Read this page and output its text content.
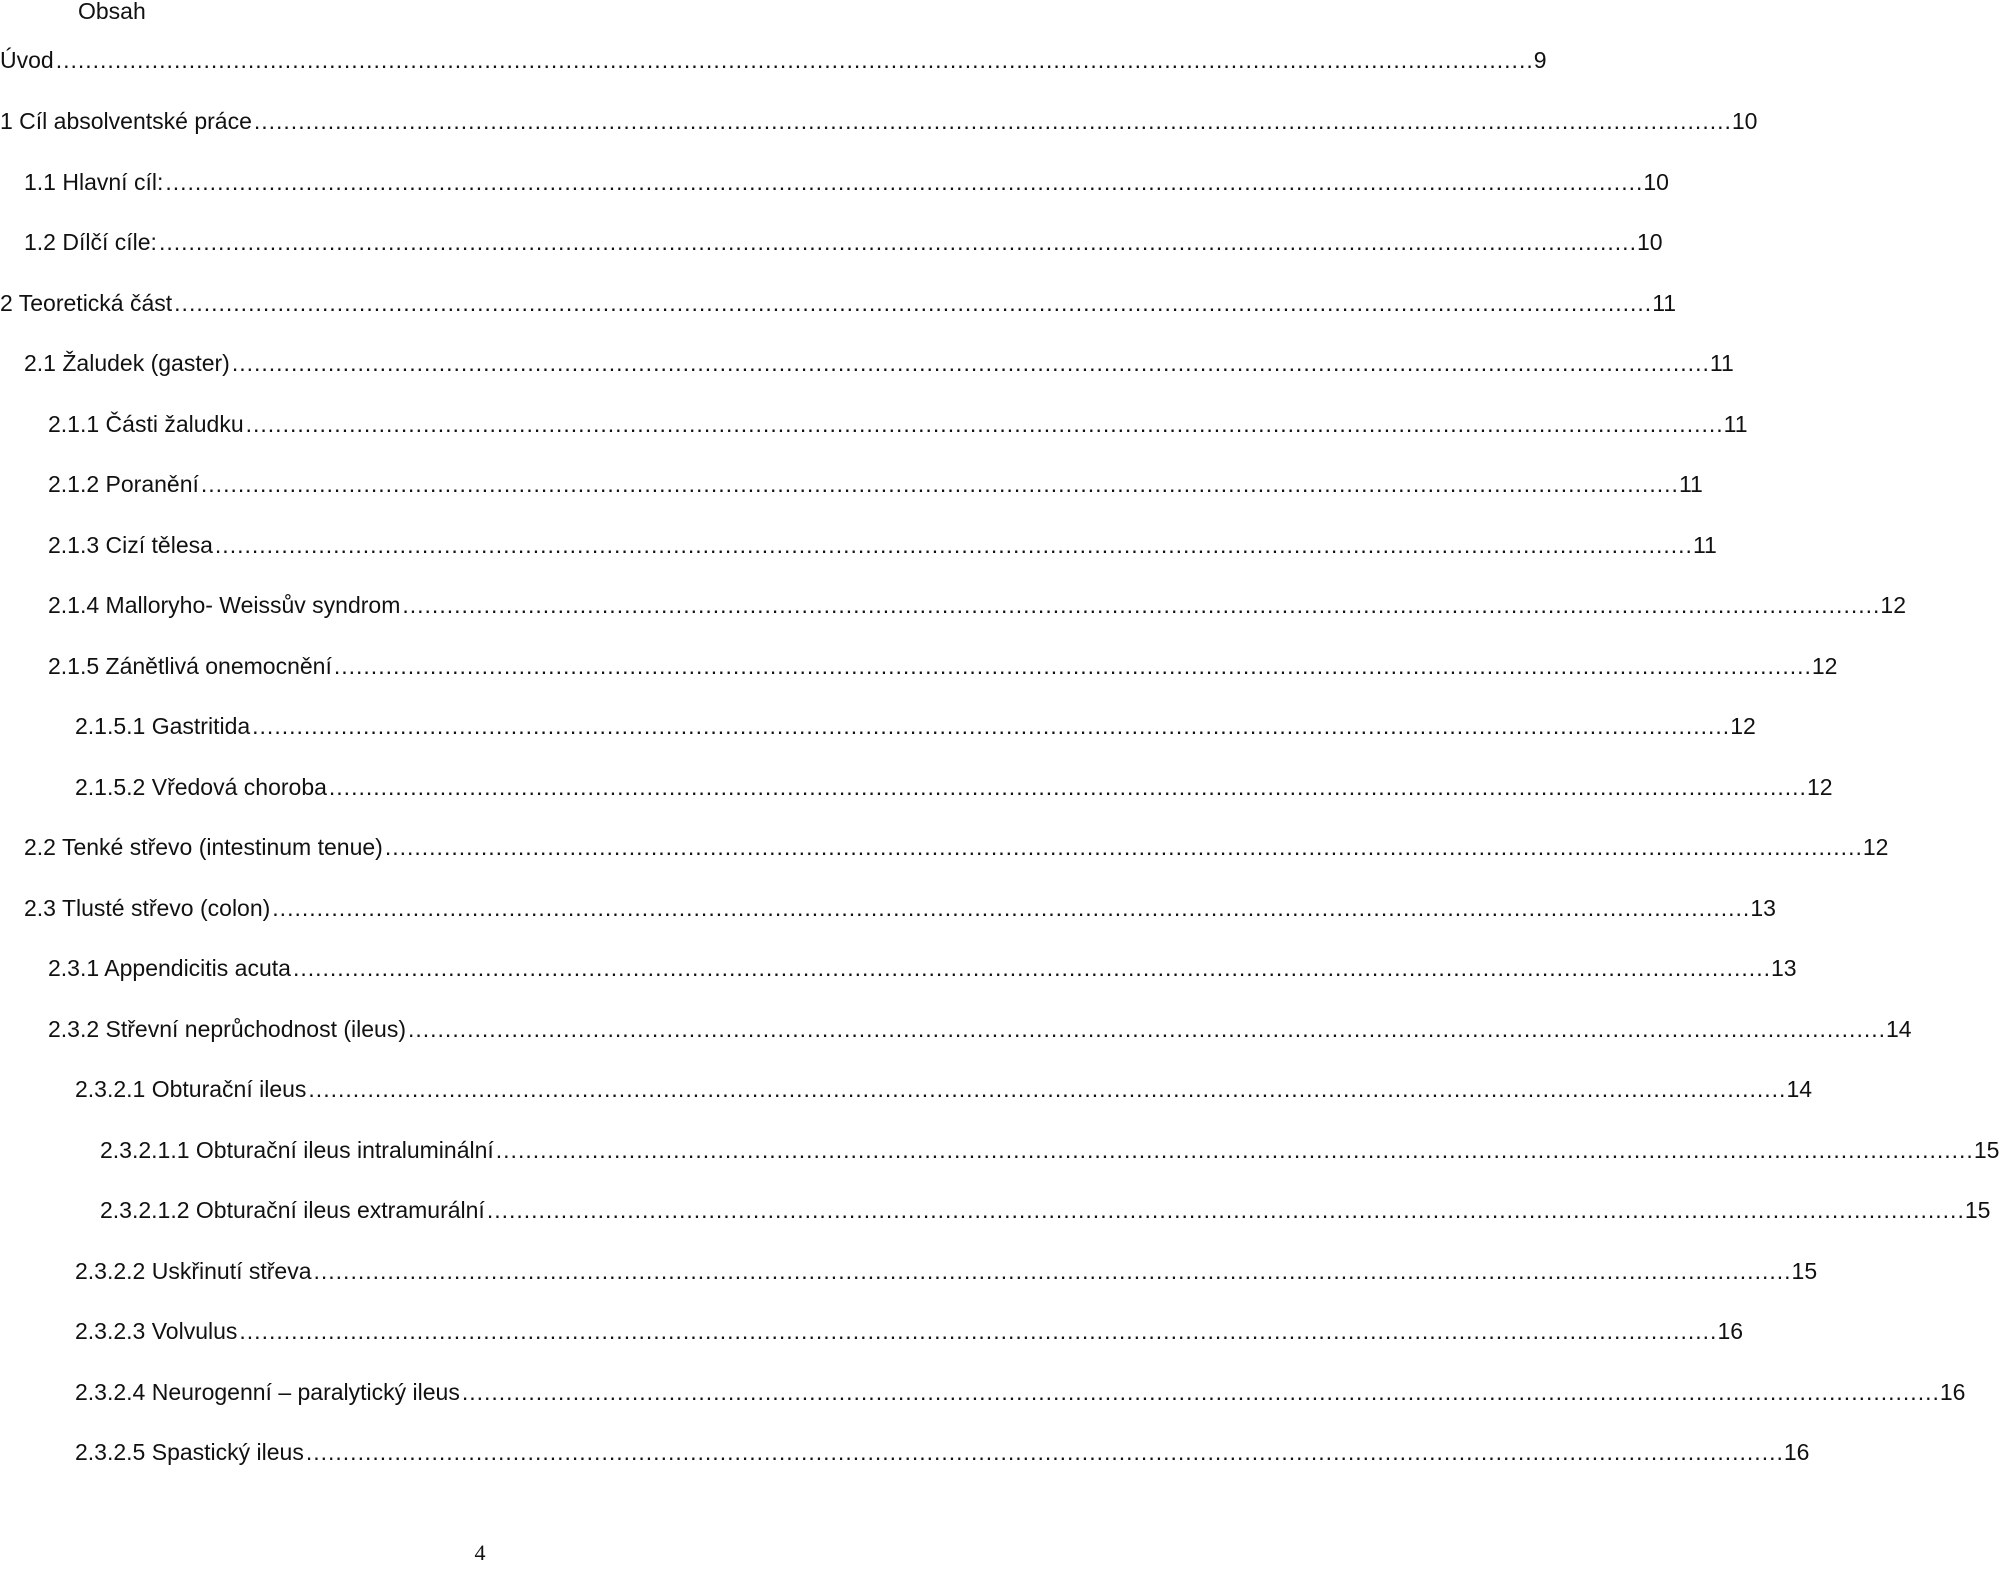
Obsah
Úvod ........................................................................................................................................................................................................ 9
1 Cíl absolventské práce ........................................................................................................................................................................................................ 10
1.1 Hlavní cíl: ........................................................................................................................................................................................................ 10
1.2 Dílčí cíle: ........................................................................................................................................................................................................ 10
2 Teoretická část ........................................................................................................................................................................................................ 11
2.1 Žaludek (gaster) ........................................................................................................................................................................................................ 11
2.1.1 Části žaludku ........................................................................................................................................................................................................ 11
2.1.2 Poranění ........................................................................................................................................................................................................ 11
2.1.3 Cizí tělesa ........................................................................................................................................................................................................ 11
2.1.4 Malloryho- Weissův syndrom ........................................................................................................................................................................................................ 12
2.1.5 Zánětlivá onemocnění ........................................................................................................................................................................................................ 12
2.1.5.1 Gastritida ........................................................................................................................................................................................................ 12
2.1.5.2 Vředová choroba ........................................................................................................................................................................................................ 12
2.2 Tenké střevo (intestinum tenue) ........................................................................................................................................................................................................ 12
2.3 Tlusté střevo (colon) ........................................................................................................................................................................................................ 13
2.3.1 Appendicitis acuta ........................................................................................................................................................................................................ 13
2.3.2 Střevní neprůchodnost (ileus) ........................................................................................................................................................................................................ 14
2.3.2.1 Obturační ileus ........................................................................................................................................................................................................ 14
2.3.2.1.1 Obturační ileus intraluminální ........................................................................................................................................................................................................ 15
2.3.2.1.2 Obturační ileus extramurální ........................................................................................................................................................................................................ 15
2.3.2.2 Uskřinutí střeva ........................................................................................................................................................................................................ 15
2.3.2.3 Volvulus ........................................................................................................................................................................................................ 16
2.3.2.4 Neurogenní – paralytický ileus ........................................................................................................................................................................................................ 16
2.3.2.5 Spastický ileus ........................................................................................................................................................................................................ 16
4
